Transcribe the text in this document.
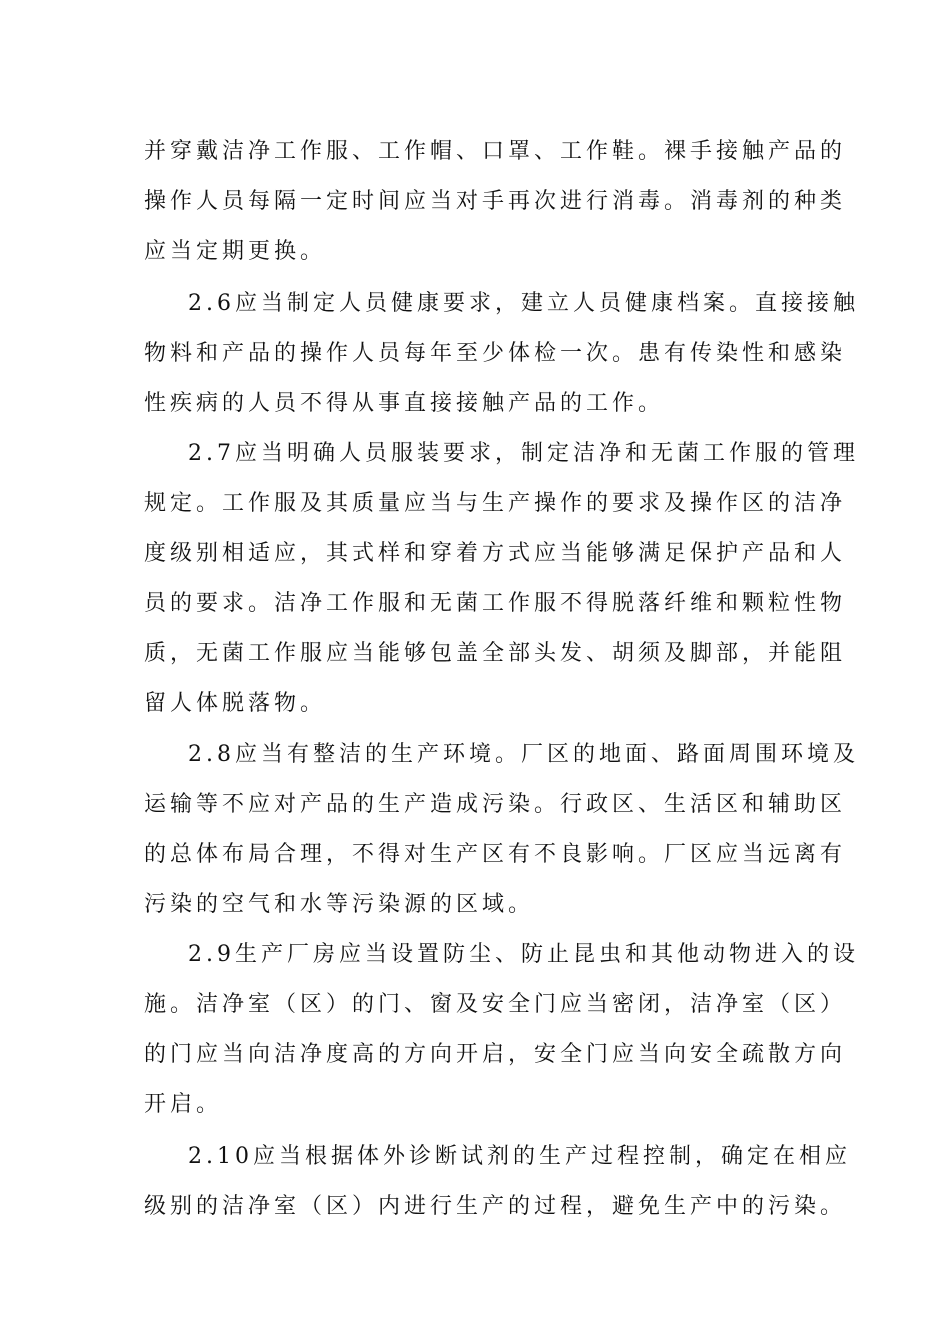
并穿戴洁净工作服、工作帽、口罩、工作鞋。裸手接触产品的
操作人员每隔一定时间应当对手再次进行消毒。消毒剂的种类
应当定期更换。
2.6应当制定人员健康要求，建立人员健康档案。直接接触
物料和产品的操作人员每年至少体检一次。患有传染性和感染
性疾病的人员不得从事直接接触产品的工作。
2.7应当明确人员服装要求，制定洁净和无菌工作服的管理
规定。工作服及其质量应当与生产操作的要求及操作区的洁净
度级别相适应，其式样和穿着方式应当能够满足保护产品和人
员的要求。洁净工作服和无菌工作服不得脱落纤维和颗粒性物
质，无菌工作服应当能够包盖全部头发、胡须及脚部，并能阻
留人体脱落物。
2.8应当有整洁的生产环境。厂区的地面、路面周围环境及
运输等不应对产品的生产造成污染。行政区、生活区和辅助区
的总体布局合理，不得对生产区有不良影响。厂区应当远离有
污染的空气和水等污染源的区域。
2.9生产厂房应当设置防尘、防止昆虫和其他动物进入的设
施。洁净室（区）的门、窗及安全门应当密闭，洁净室（区）
的门应当向洁净度高的方向开启，安全门应当向安全疏散方向
开启。
2.10应当根据体外诊断试剂的生产过程控制，确定在相应
级别的洁净室（区）内进行生产的过程，避免生产中的污染。
